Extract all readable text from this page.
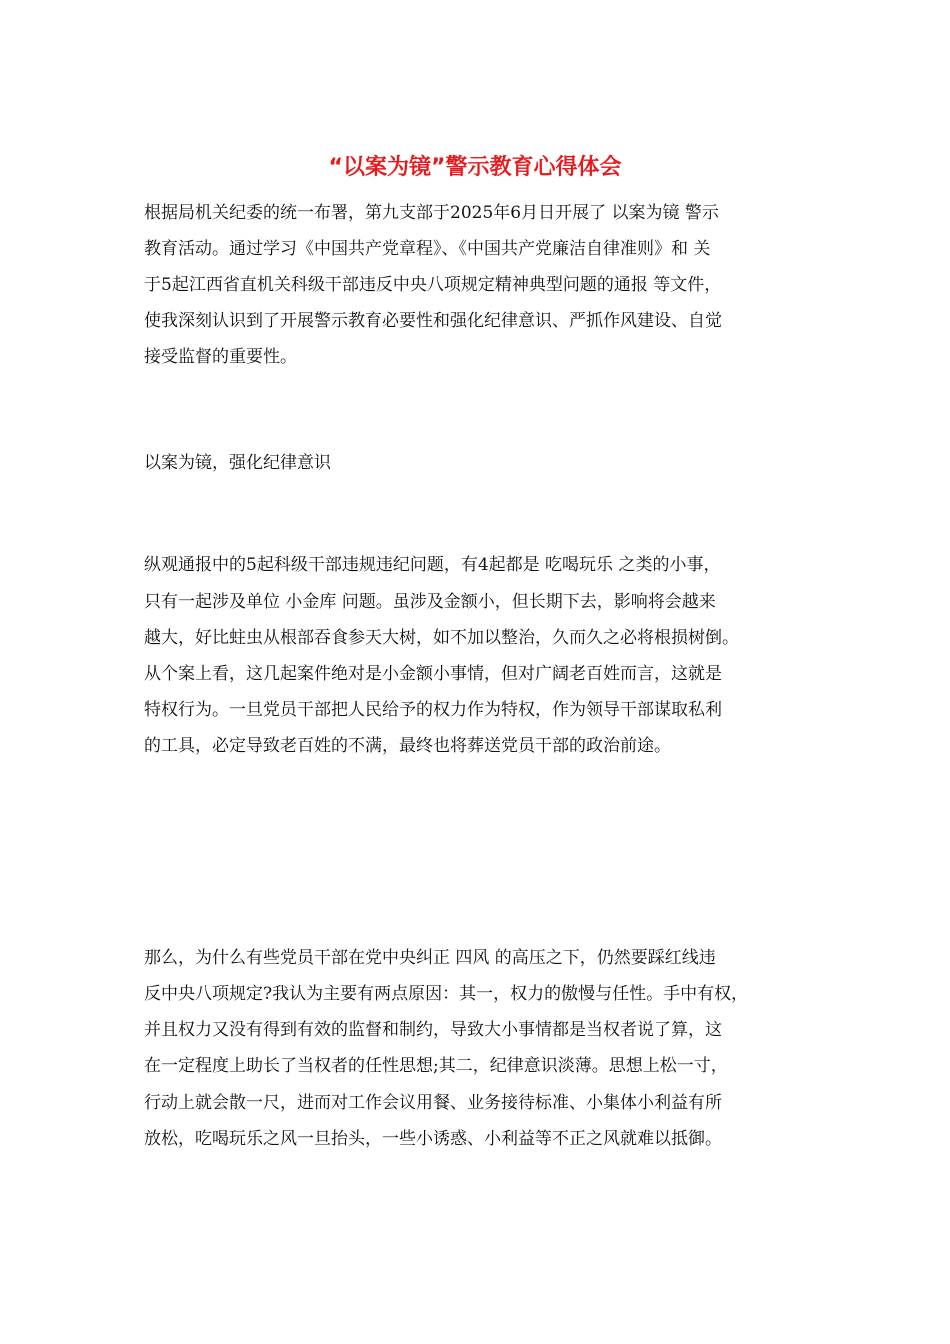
“以案为镜”警示教育心得体会

根据局机关纪委的统一布署，第九支部于2025年6月日开展了 以案为镜 警示

教育活动。通过学习《中国共产党章程》、《中国共产党廉洁自律准则》和 关

于5起江西省直机关科级干部违反中央八项规定精神典型问题的通报 等文件，

使我深刻认识到了开展警示教育必要性和强化纪律意识、严抓作风建设、自觉

接受监督的重要性。

以案为镜，强化纪律意识

纵观通报中的5起科级干部违规违纪问题，有4起都是 吃喝玩乐 之类的小事，

只有一起涉及单位 小金库 问题。虽涉及金额小，但长期下去，影响将会越来

越大，好比蛀虫从根部吞食参天大树，如不加以整治，久而久之必将根损树倒。

从个案上看，这几起案件绝对是小金额小事情，但对广阔老百姓而言，这就是

特权行为。一旦党员干部把人民给予的权力作为特权，作为领导干部谋取私利

的工具，必定导致老百姓的不满，最终也将葬送党员干部的政治前途。

那么，为什么有些党员干部在党中央纠正 四风 的高压之下，仍然要踩红线违

反中央八项规定?我认为主要有两点原因：其一，权力的傲慢与任性。手中有权，

并且权力又没有得到有效的监督和制约，导致大小事情都是当权者说了算，这

在一定程度上助长了当权者的任性思想;其二，纪律意识淡薄。思想上松一寸，

行动上就会散一尺，进而对工作会议用餐、业务接待标准、小集体小利益有所

放松，吃喝玩乐之风一旦抬头，一些小诱惑、小利益等不正之风就难以抵御。
